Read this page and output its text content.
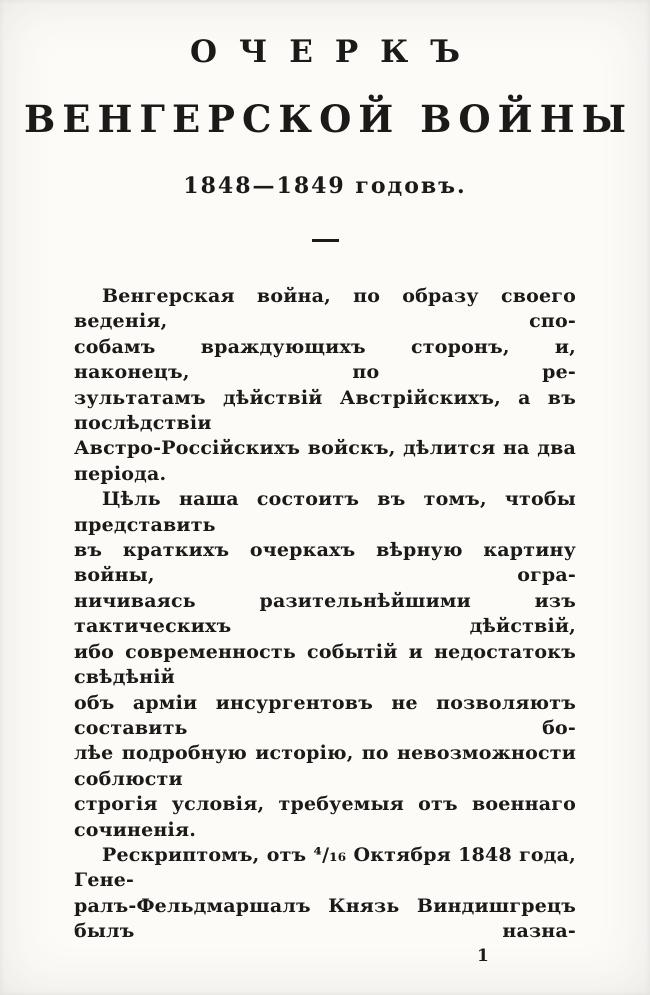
ОЧЕРКЪ
ВЕНГЕРСКОЙ ВОЙНЫ
1848—1849 годовъ.
Венгерская война, по образу своего веденія, спо-
собамъ враждующихъ сторонъ, и, наконецъ, по ре-
зультатамъ дѣйствій Австрійскихъ, а въ послѣдствіи
Австро-Россійскихъ войскъ, дѣлится на два періода.
Цѣль наша состоитъ въ томъ, чтобы представить
въ краткихъ очеркахъ вѣрную картину войны, огра-
ничиваясь разительнѣйшими изъ тактическихъ дѣйствій,
ибо современность событій и недостатокъ свѣдѣній
объ арміи инсургентовъ не позволяютъ составить бо-
лѣе подробную исторію, по невозможности соблюсти
строгія условія, требуемыя отъ военнаго сочиненія.
Рескриптомъ, отъ ⁴/₁₆ Октября 1848 года, Гене-
ралъ-Фельдмаршалъ Князь Виндишгрецъ былъ назна-
1
